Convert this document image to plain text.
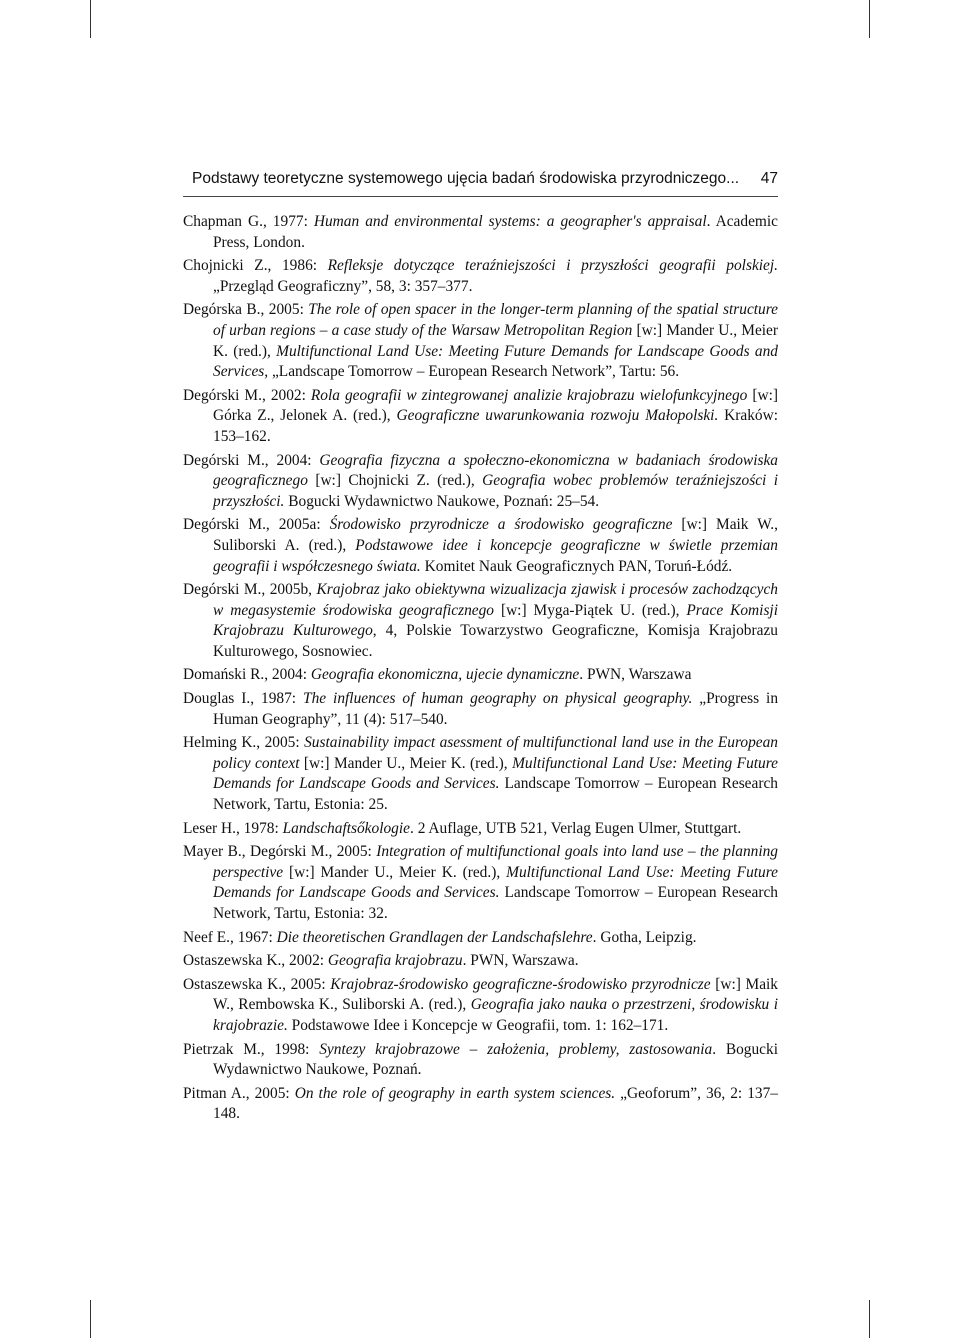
Podstawy teoretyczne systemowego ujęcia badań środowiska przyrodniczego... 47

Chapman G., 1977: Human and environmental systems: a geographer's appraisal. Academic Press, London.

Chojnicki Z., 1986: Refleksje dotyczące teraźniejszości i przyszłości geografii polskiej. „Przegląd Geograficzny”, 58, 3: 357–377.

Degórska B., 2005: The role of open spacer in the longer-term planning of the spatial structure of urban regions – a case study of the Warsaw Metropolitan Region [w:] Mander U., Meier K. (red.), Multifunctional Land Use: Meeting Future Demands for Landscape Goods and Services, „Landscape Tomorrow – European Research Network”, Tartu: 56.

Degórski M., 2002: Rola geografii w zintegrowanej analizie krajobrazu wielofunkcyjnego [w:] Górka Z., Jelonek A. (red.), Geograficzne uwarunkowania rozwoju Małopolski. Kraków: 153–162.

Degórski M., 2004: Geografia fizyczna a społeczno-ekonomiczna w badaniach środowiska geograficznego [w:] Chojnicki Z. (red.), Geografia wobec problemów teraźniejszości i przyszłości. Bogucki Wydawnictwo Naukowe, Poznań: 25–54.

Degórski M., 2005a: Środowisko przyrodnicze a środowisko geograficzne [w:] Maik W., Suliborski A. (red.), Podstawowe idee i koncepcje geograficzne w świetle przemian geografii i współczesnego świata. Komitet Nauk Geograficznych PAN, Toruń-Łódź.

Degórski M., 2005b, Krajobraz jako obiektywna wizualizacja zjawisk i procesów zachodzących w megasystemie środowiska geograficznego [w:] Myga-Piątek U. (red.), Prace Komisji Krajobrazu Kulturowego, 4, Polskie Towarzystwo Geograficzne, Komisja Krajobrazu Kulturowego, Sosnowiec.

Domański R., 2004: Geografia ekonomiczna, ujecie dynamiczne. PWN, Warszawa

Douglas I., 1987: The influences of human geography on physical geography. „Progress in Human Geography”, 11 (4): 517–540.

Helming K., 2005: Sustainability impact asessment of multifunctional land use in the European policy context [w:] Mander U., Meier K. (red.), Multifunctional Land Use: Meeting Future Demands for Landscape Goods and Services. Landscape Tomorrow – European Research Network, Tartu, Estonia: 25.

Leser H., 1978: Landschaftsőkologie. 2 Auflage, UTB 521, Verlag Eugen Ulmer, Stuttgart.

Mayer B., Degórski M., 2005: Integration of multifunctional goals into land use – the planning perspective [w:] Mander U., Meier K. (red.), Multifunctional Land Use: Meeting Future Demands for Landscape Goods and Services. Landscape Tomorrow – European Research Network, Tartu, Estonia: 32.

Neef E., 1967: Die theoretischen Grandlagen der Landschafslehre. Gotha, Leipzig.

Ostaszewska K., 2002: Geografia krajobrazu. PWN, Warszawa.

Ostaszewska K., 2005: Krajobraz-środowisko geograficzne-środowisko przyrodnicze [w:] Maik W., Rembowska K., Suliborski A. (red.), Geografia jako nauka o przestrzeni, środowisku i krajobrazie. Podstawowe Idee i Koncepcje w Geografii, tom. 1: 162–171.

Pietrzak M., 1998: Syntezy krajobrazowe – założenia, problemy, zastosowania. Bogucki Wydawnictwo Naukowe, Poznań.

Pitman A., 2005: On the role of geography in earth system sciences. „Geoforum”, 36, 2: 137–148.
